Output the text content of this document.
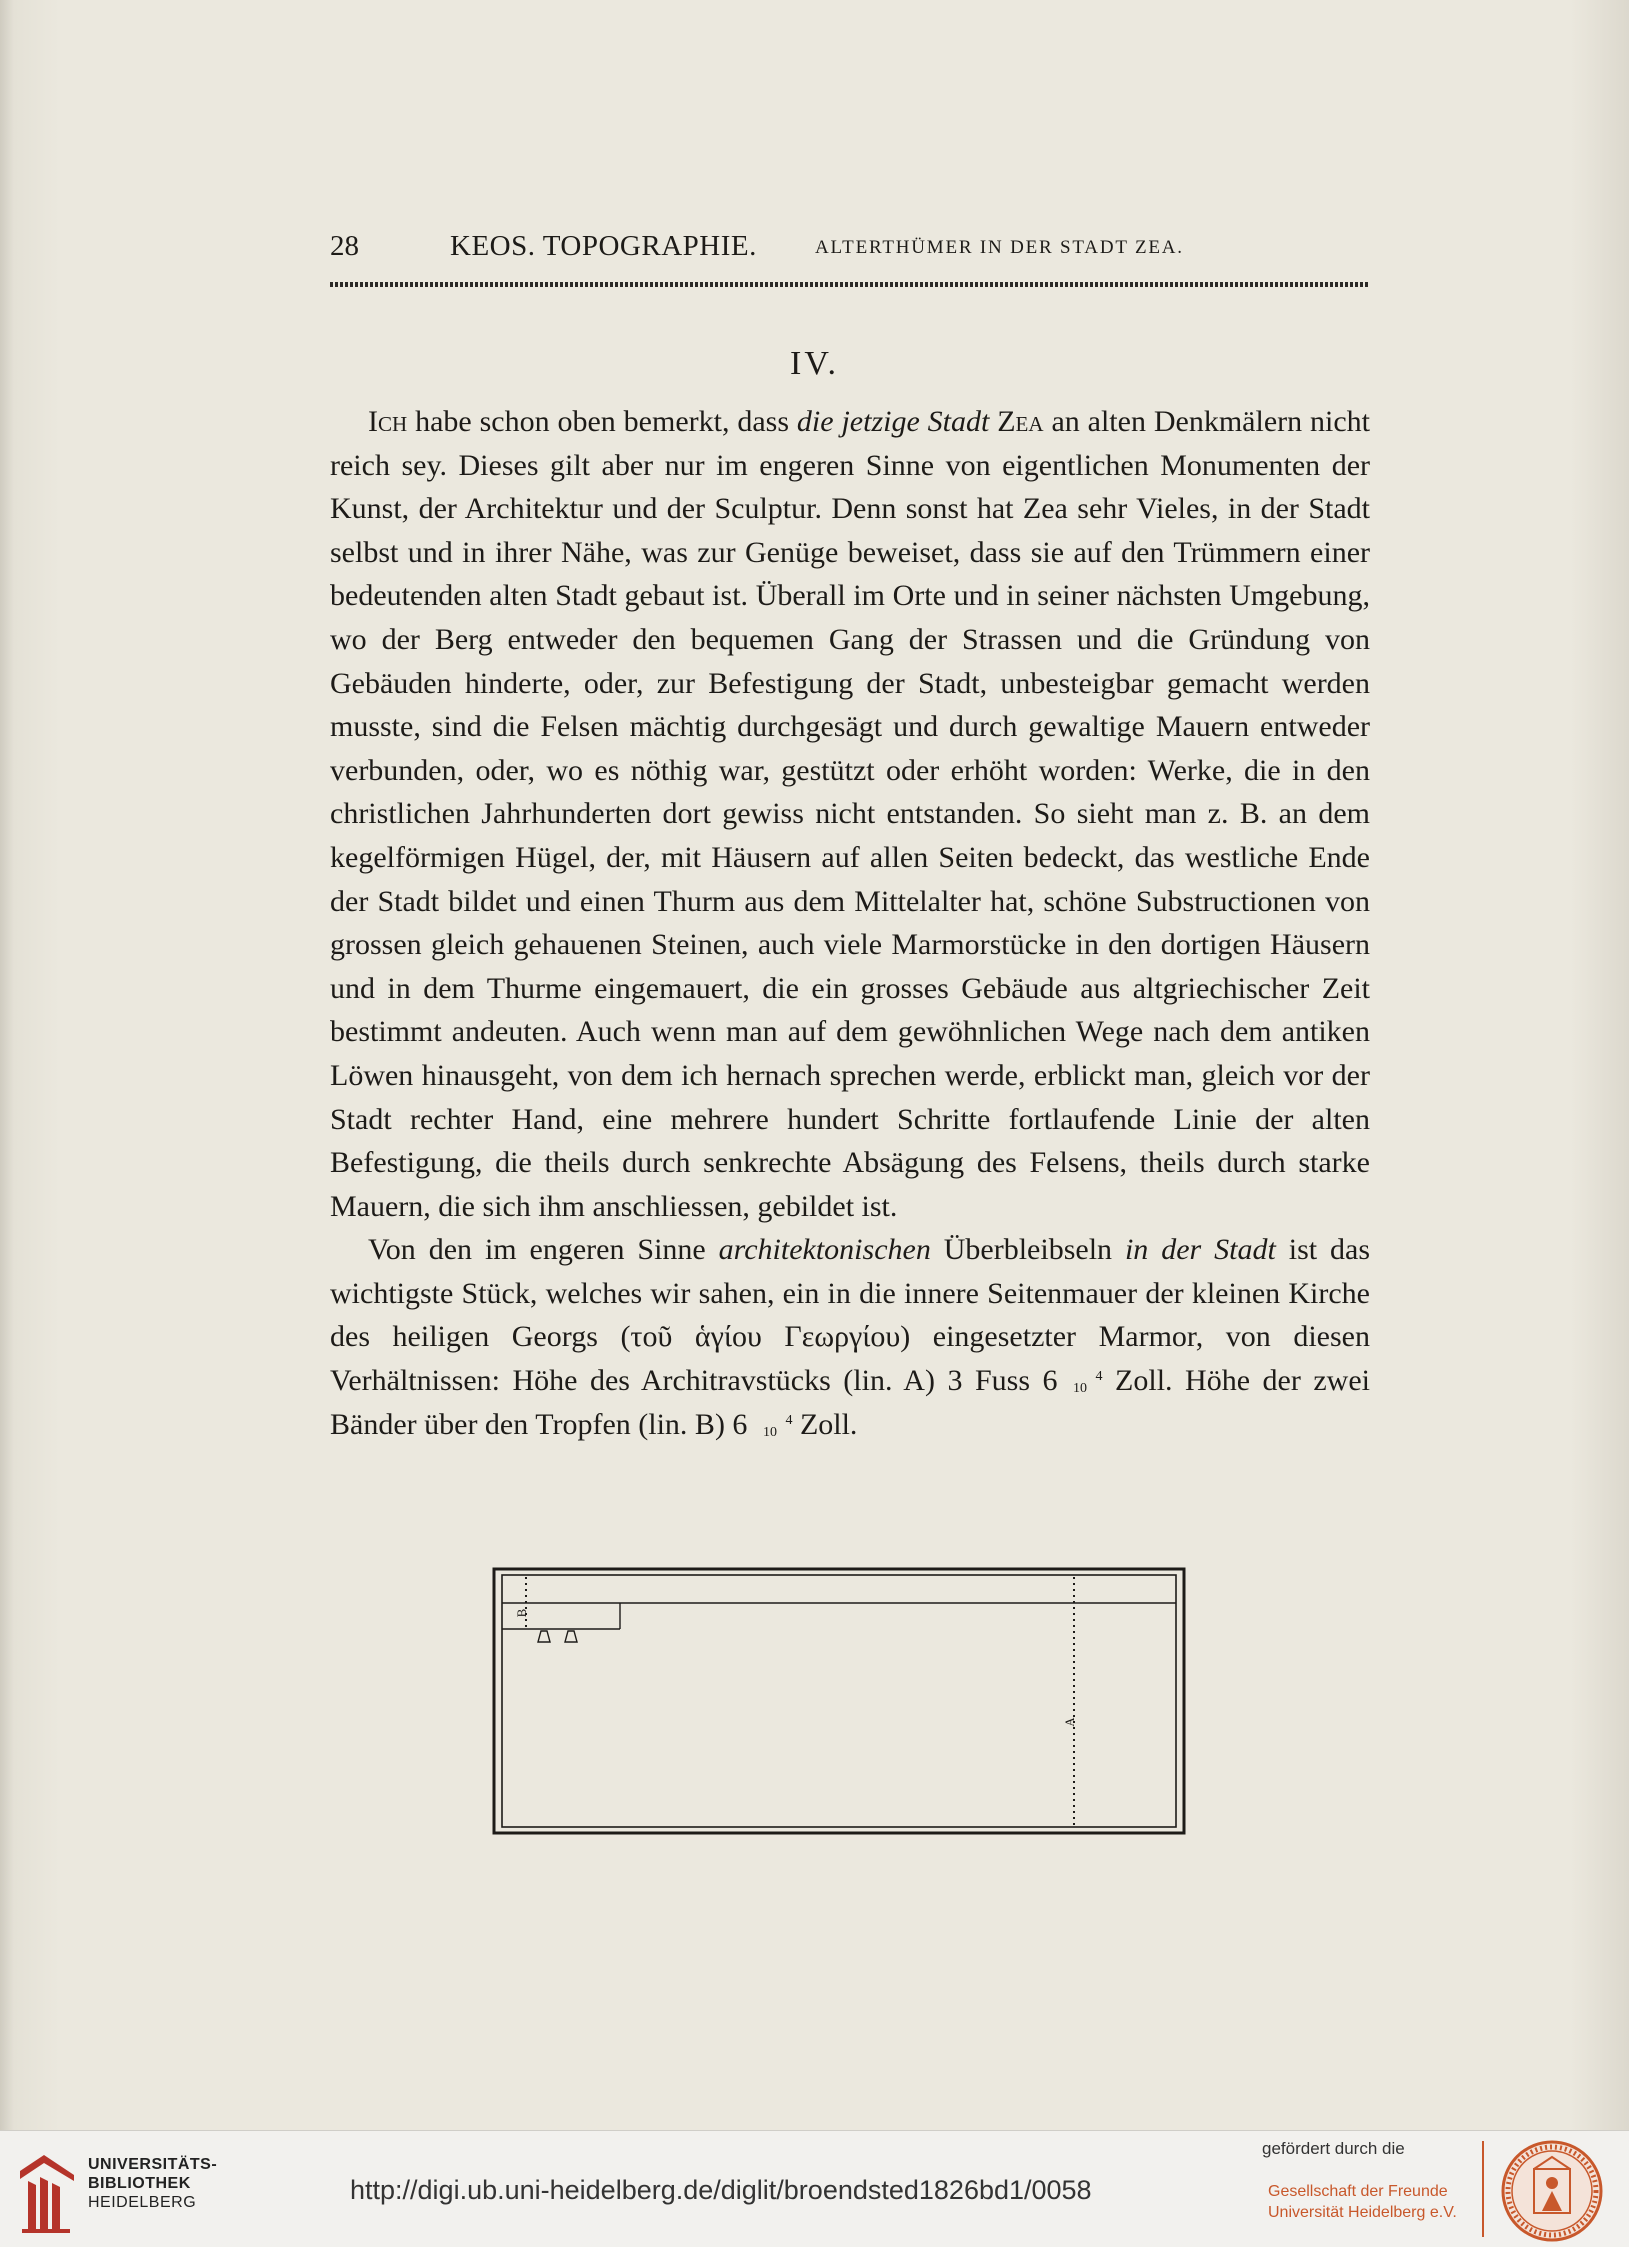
28	KEOS. TOPOGRAPHIE.	ALTERTHÜMER IN DER STADT ZEA.
IV.

Ich habe schon oben bemerkt, dass die jetzige Stadt Zea an alten Denkmälern nicht reich sey. Dieses gilt aber nur im engeren Sinne von eigentlichen Monumenten der Kunst, der Architektur und der Sculptur. Denn sonst hat Zea sehr Vieles, in der Stadt selbst und in ihrer Nähe, was zur Genüge beweiset, dass sie auf den Trümmern einer bedeutenden alten Stadt gebaut ist. Überall im Orte und in seiner nächsten Umgebung, wo der Berg entweder den bequemen Gang der Strassen und die Gründung von Gebäuden hinderte, oder, zur Befestigung der Stadt, unbesteigbar gemacht werden musste, sind die Felsen mächtig durchgesägt und durch gewaltige Mauern entweder verbunden, oder, wo es nöthig war, gestützt oder erhöht worden: Werke, die in den christlichen Jahrhunderten dort gewiss nicht entstanden. So sieht man z. B. an dem kegelförmigen Hügel, der, mit Häusern auf allen Seiten bedeckt, das westliche Ende der Stadt bildet und einen Thurm aus dem Mittelalter hat, schöne Substructionen von grossen gleich gehauenen Steinen, auch viele Marmorstücke in den dortigen Häusern und in dem Thurme eingemauert, die ein grosses Gebäude aus altgriechischer Zeit bestimmt andeuten. Auch wenn man auf dem gewöhnlichen Wege nach dem antiken Löwen hinausgeht, von dem ich hernach sprechen werde, erblickt man, gleich vor der Stadt rechter Hand, eine mehrere hundert Schritte fortlaufende Linie der alten Befestigung, die theils durch senkrechte Absägung des Felsens, theils durch starke Mauern, die sich ihm anschliessen, gebildet ist.

Von den im engeren Sinne architektonischen Überbleibseln in der Stadt ist das wichtigste Stück, welches wir sahen, ein in die innere Seitenmauer der kleinen Kirche des heiligen Georgs (τοῦ ἁγίου Γεωργίου) eingesetzter Marmor, von diesen Verhältnissen: Höhe des Architravstücks (lin. A) 3 Fuss 6	4
10 Zoll. Höhe der zwei Bänder über den Tropfen (lin. B) 6	4
10 Zoll.

B
A
UNIVERSITÄTS-
BIBLIOTHEK
HEIDELBERG	http://digi.ub.uni-heidelberg.de/diglit/broendsted1826bd1/0058
gefördert durch die
Gesellschaft der Freunde
Universität Heidelberg e.V.
